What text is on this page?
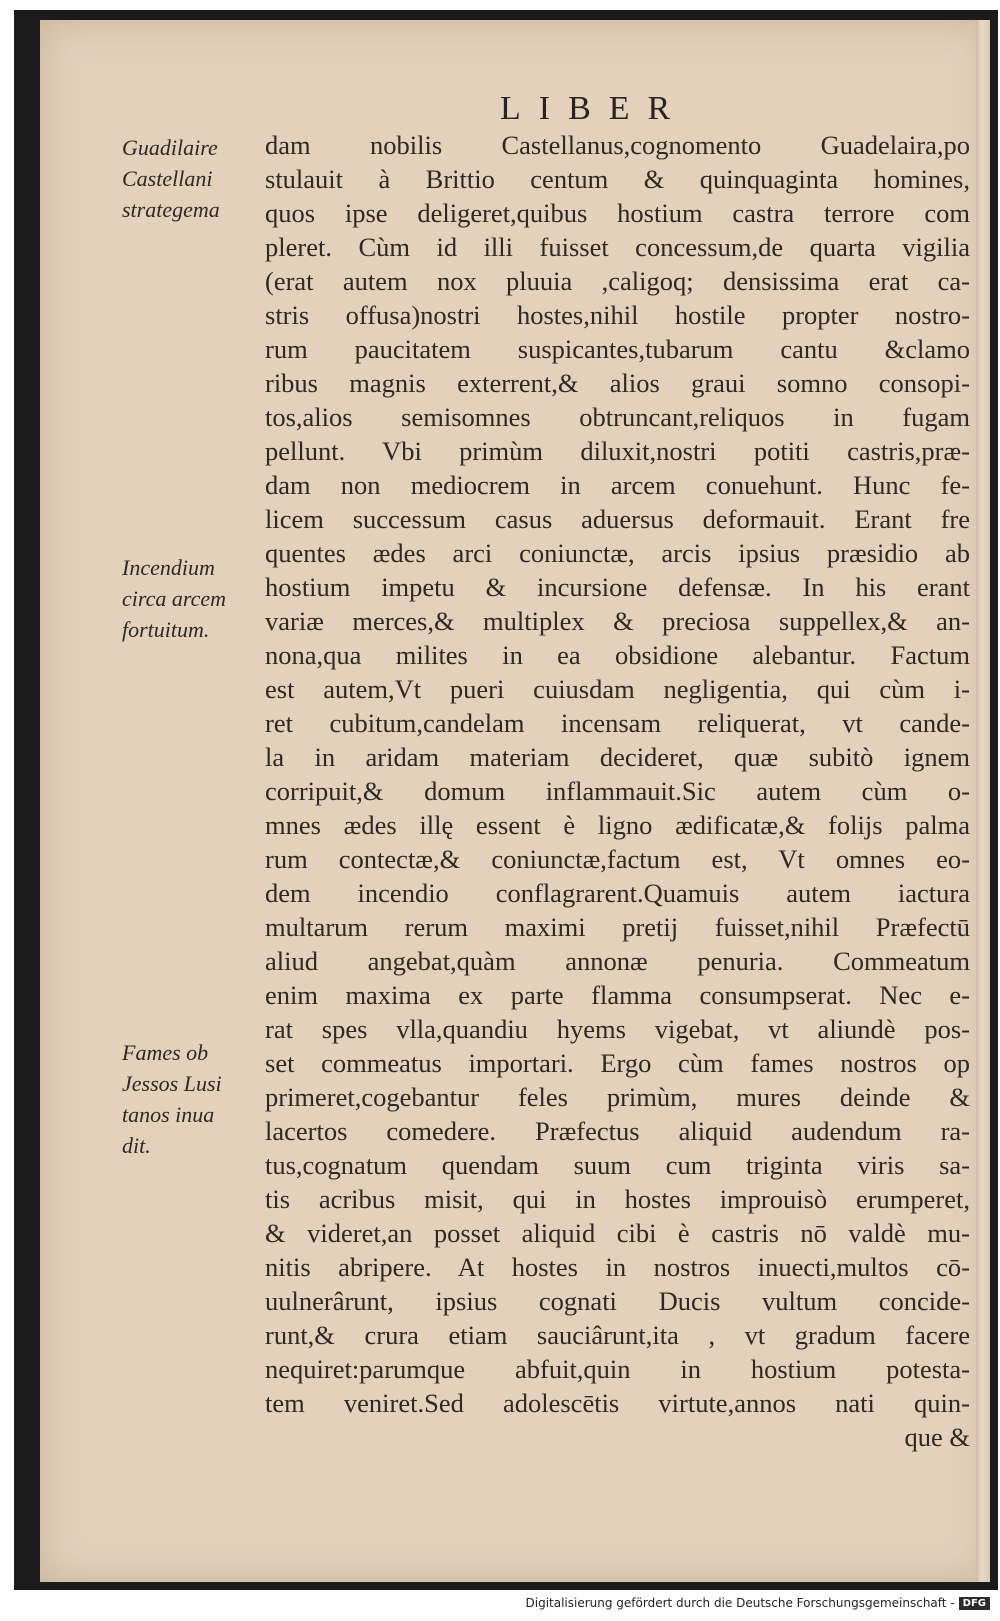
LIBER
Guadilaire
Castellani
strategema
Incendium
circa arcem
fortuitum.
Fames ob
Jessos Lusi
tanos inua
dit.
dam nobilis Castellanus,cognomento Guadelaira,po
stulauit à Brittio centum & quinquaginta homines,
quos ipse deligeret,quibus hostium castra terrore com
pleret. Cùm id illi fuisset concessum,de quarta vigilia
(erat autem nox pluuia ,caligoq; densissima erat ca-
stris offusa)nostri hostes,nihil hostile propter nostro-
rum paucitatem suspicantes,tubarum cantu &clamo
ribus magnis exterrent,& alios graui somno consopi-
tos,alios semisomnes obtruncant,reliquos in fugam
pellunt. Vbi primùm diluxit,nostri potiti castris,præ-
dam non mediocrem in arcem conuehunt. Hunc fe-
licem successum casus aduersus deformauit. Erant fre
quentes ædes arci coniunctæ, arcis ipsius præsidio ab
hostium impetu & incursione defensæ. In his erant
variæ merces,& multiplex & preciosa suppellex,& an-
nona,qua milites in ea obsidione alebantur. Factum
est autem,Vt pueri cuiusdam negligentia, qui cùm i-
ret cubitum,candelam incensam reliquerat, vt cande-
la in aridam materiam decideret, quæ subitò ignem
corripuit,& domum inflammauit.Sic autem cùm o-
mnes ædes illę essent è ligno ædificatæ,& folijs palma
rum contectæ,& coniunctæ,factum est, Vt omnes eo-
dem incendio conflagrarent.Quamuis autem iactura
multarum rerum maximi pretij fuisset,nihil Præfectū
aliud angebat,quàm annonæ penuria. Commeatum
enim maxima ex parte flamma consumpserat. Nec e-
rat spes vlla,quandiu hyems vigebat, vt aliundè pos-
set commeatus importari. Ergo cùm fames nostros op
primeret,cogebantur feles primùm, mures deinde &
lacertos comedere. Præfectus aliquid audendum ra-
tus,cognatum quendam suum cum triginta viris sa-
tis acribus misit, qui in hostes improuisò erumperet,
& videret,an posset aliquid cibi è castris nō valdè mu-
nitis abripere. At hostes in nostros inuecti,multos cō-
uulnerârunt, ipsius cognati Ducis vultum concide-
runt,& crura etiam sauciârunt,ita , vt gradum facere
nequiret:parumque abfuit,quin in hostium potesta-
tem veniret.Sed adolescētis virtute,annos nati quin-
que &
Digitalisierung gefördert durch die Deutsche Forschungsgemeinschaft - DFG
